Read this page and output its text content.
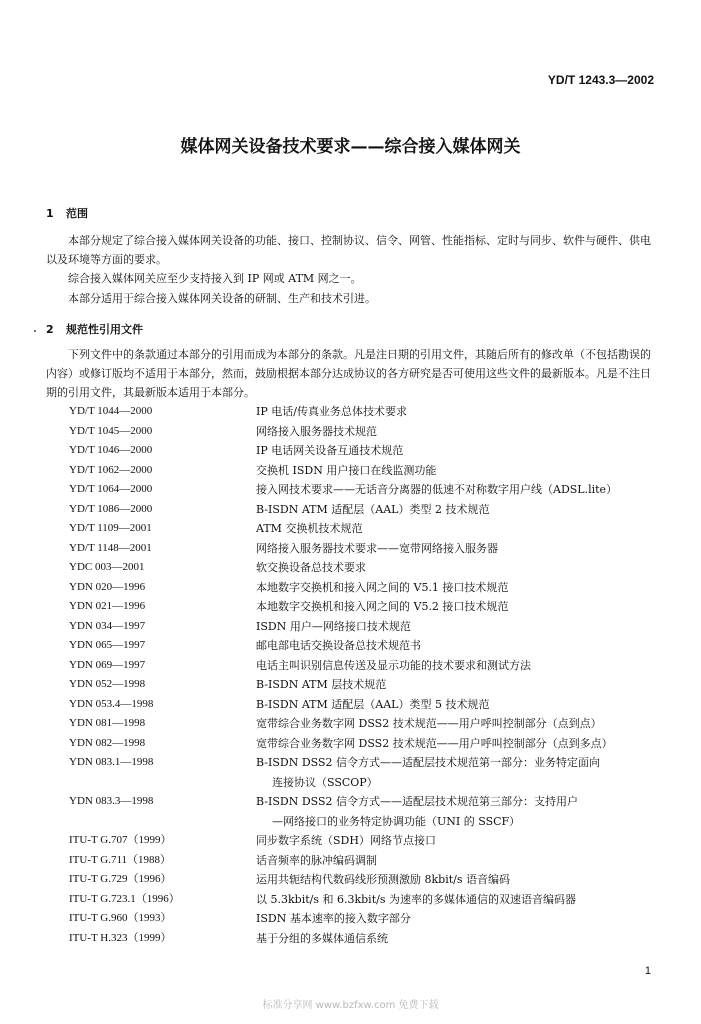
YD/T 1243.3—2002
媒体网关设备技术要求——综合接入媒体网关
1 范围
本部分规定了综合接入媒体网关设备的功能、接口、控制协议、信令、网管、性能指标、定时与同步、软件与硬件、供电以及环境等方面的要求。
综合接入媒体网关应至少支持接入到 IP 网或 ATM 网之一。
本部分适用于综合接入媒体网关设备的研制、生产和技术引进。
2 规范性引用文件
下列文件中的条款通过本部分的引用而成为本部分的条款。凡是注日期的引用文件，其随后所有的修改单（不包括勘误的内容）或修订版均不适用于本部分，然而，鼓励根据本部分达成协议的各方研究是否可使用这些文件的最新版本。凡是不注日期的引用文件，其最新版本适用于本部分。
YD/T 1044—2000	IP 电话/传真业务总体技术要求
YD/T 1045—2000	网络接入服务器技术规范
YD/T 1046—2000	IP 电话网关设备互通技术规范
YD/T 1062—2000	交换机 ISDN 用户接口在线监测功能
YD/T 1064—2000	接入网技术要求——无话音分离器的低速不对称数字用户线（ADSL.lite）
YD/T 1086—2000	B-ISDN ATM 适配层（AAL）类型 2 技术规范
YD/T 1109—2001	ATM 交换机技术规范
YD/T 1148—2001	网络接入服务器技术要求——宽带网络接入服务器
YDC 003—2001	软交换设备总技术要求
YDN 020—1996	本地数字交换机和接入网之间的 V5.1 接口技术规范
YDN 021—1996	本地数字交换机和接入网之间的 V5.2 接口技术规范
YDN 034—1997	ISDN 用户—网络接口技术规范
YDN 065—1997	邮电部电话交换设备总技术规范书
YDN 069—1997	电话主叫识别信息传送及显示功能的技术要求和测试方法
YDN 052—1998	B-ISDN ATM 层技术规范
YDN 053.4—1998	B-ISDN ATM 适配层（AAL）类型 5 技术规范
YDN 081—1998	宽带综合业务数字网 DSS2 技术规范——用户呼叫控制部分（点到点）
YDN 082—1998	宽带综合业务数字网 DSS2 技术规范——用户呼叫控制部分（点到多点）
YDN 083.1—1998	B-ISDN DSS2 信令方式——适配层技术规范第一部分：业务特定面向
连接协议（SSCOP）
YDN 083.3—1998	B-ISDN DSS2 信令方式——适配层技术规范第三部分：支持用户
—网络接口的业务特定协调功能（UNI 的 SSCF）
ITU-T G.707（1999）	同步数字系统（SDH）网络节点接口
ITU-T G.711（1988）	话音频率的脉冲编码调制
ITU-T G.729（1996）	运用共轭结构代数码线形预测激励 8kbit/s 语音编码
ITU-T G.723.1（1996）	以 5.3kbit/s 和 6.3kbit/s 为速率的多媒体通信的双速语音编码器
ITU-T G.960（1993）	ISDN 基本速率的接入数字部分
ITU-T H.323（1999）	基于分组的多媒体通信系统
1
标准分享网 www.bzfxw.com 免费下载
